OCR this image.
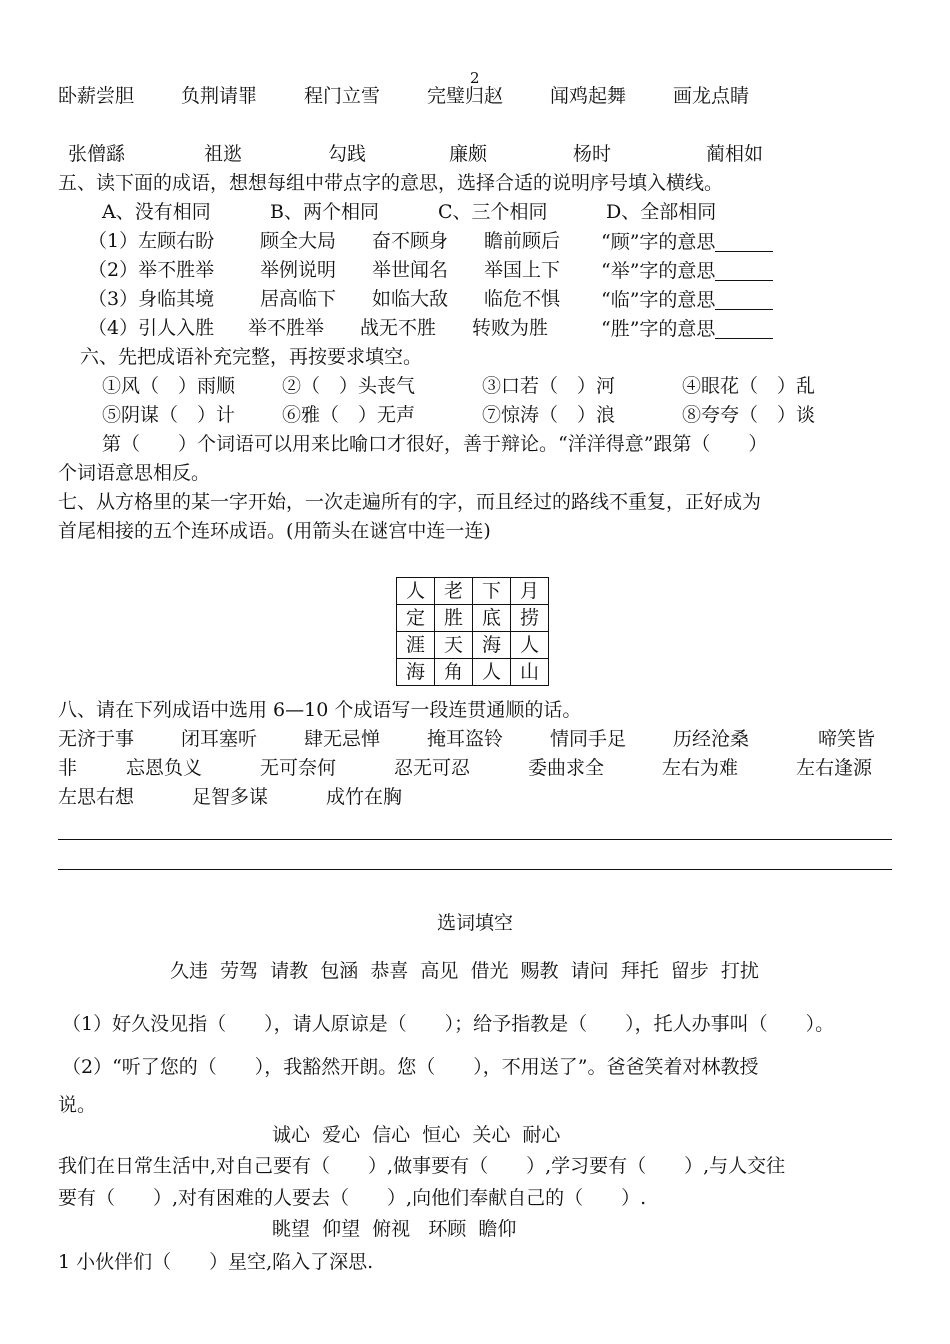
2
卧薪尝胆 负荆请罪 程门立雪 完璧归赵 闻鸡起舞 画龙点睛
张僧繇	祖逖	勾践	廉颇	杨时	蔺相如
五、读下面的成语，想想每组中带点字的意思，选择合适的说明序号填入横线。
A、没有相同	B、两个相同	C、三个相同	D、全部相同
（1）左顾右盼 顾全大局 奋不顾身 瞻前顾后 “顾”字的意思
（2）举不胜举 举例说明 举世闻名 举国上下 “举”字的意思
（3）身临其境 居高临下 如临大敌 临危不惧 “临”字的意思
（4）引人入胜 举不胜举 战无不胜 转败为胜	“胜”字的意思
六、先把成语补充完整，再按要求填空。
①风（　）雨顺 ②（　）头丧气	③口若（　）河	④眼花（　）乱
⑤阴谋（　）计 ⑥雅（　）无声	⑦惊涛（　）浪	⑧夸夸（　）谈
第（　　）个词语可以用来比喻口才很好，善于辩论。“洋洋得意”跟第（　　）
个词语意思相反。
七、从方格里的某一字开始，一次走遍所有的字，而且经过的路线不重复，正好成为
首尾相接的五个连环成语。(用箭头在谜宫中连一连)
人	老	下	月
定	胜	底	捞
涯	天	海	人
海	角	人	山
八、请在下列成语中选用 6—10 个成语写一段连贯通顺的话。
无济于事 闭耳塞听 肆无忌惮 掩耳盗铃 情同手足 历经沧桑	啼笑皆
非	忘恩负义	无可奈何	忍无可忍	委曲求全	左右为难	左右逢源
左思右想	足智多谋	成竹在胸
选词填空
久违  劳驾  请教  包涵  恭喜  高见  借光  赐教  请问  拜托  留步  打扰
（1）好久没见指（　　），请人原谅是（　　）；给予指教是（　　），托人办事叫（　　）。
（2）“听了您的（　　），我豁然开朗。您（　　），不用送了”。爸爸笑着对林教授
说。
诚心  爱心  信心  恒心  关心  耐心
我们在日常生活中,对自己要有（　　）,做事要有（　　）,学习要有（　　）,与人交往
要有（　　）,对有困难的人要去（　　）,向他们奉献自己的（　　）.
眺望  仰望  俯视   环顾  瞻仰
1 小伙伴们（　　）星空,陷入了深思.
